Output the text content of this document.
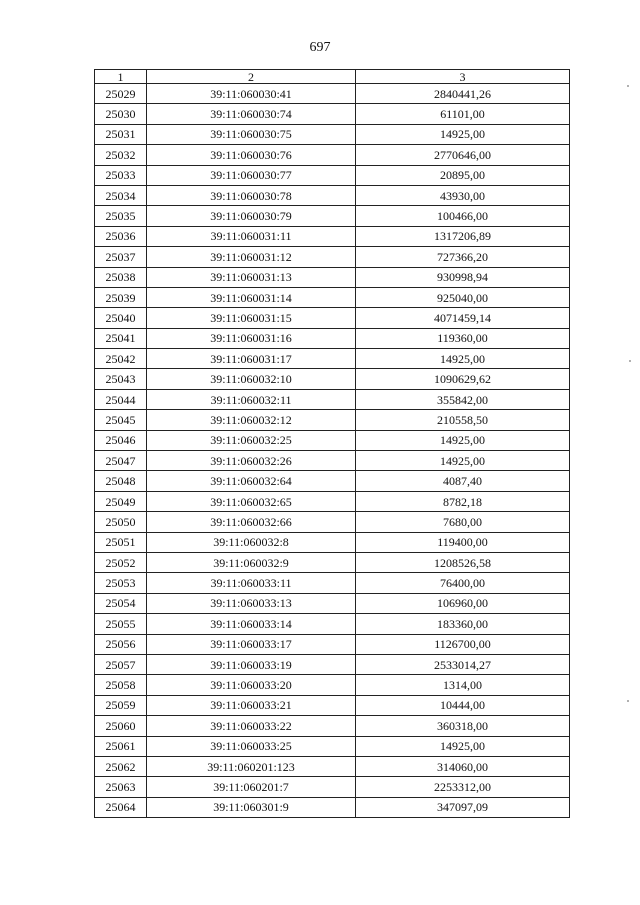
697
1	2	3
25029	39:11:060030:41	2840441,26
25030	39:11:060030:74	61101,00
25031	39:11:060030:75	14925,00
25032	39:11:060030:76	2770646,00
25033	39:11:060030:77	20895,00
25034	39:11:060030:78	43930,00
25035	39:11:060030:79	100466,00
25036	39:11:060031:11	1317206,89
25037	39:11:060031:12	727366,20
25038	39:11:060031:13	930998,94
25039	39:11:060031:14	925040,00
25040	39:11:060031:15	4071459,14
25041	39:11:060031:16	119360,00
25042	39:11:060031:17	14925,00
25043	39:11:060032:10	1090629,62
25044	39:11:060032:11	355842,00
25045	39:11:060032:12	210558,50
25046	39:11:060032:25	14925,00
25047	39:11:060032:26	14925,00
25048	39:11:060032:64	4087,40
25049	39:11:060032:65	8782,18
25050	39:11:060032:66	7680,00
25051	39:11:060032:8	119400,00
25052	39:11:060032:9	1208526,58
25053	39:11:060033:11	76400,00
25054	39:11:060033:13	106960,00
25055	39:11:060033:14	183360,00
25056	39:11:060033:17	1126700,00
25057	39:11:060033:19	2533014,27
25058	39:11:060033:20	1314,00
25059	39:11:060033:21	10444,00
25060	39:11:060033:22	360318,00
25061	39:11:060033:25	14925,00
25062	39:11:060201:123	314060,00
25063	39:11:060201:7	2253312,00
25064	39:11:060301:9	347097,09
